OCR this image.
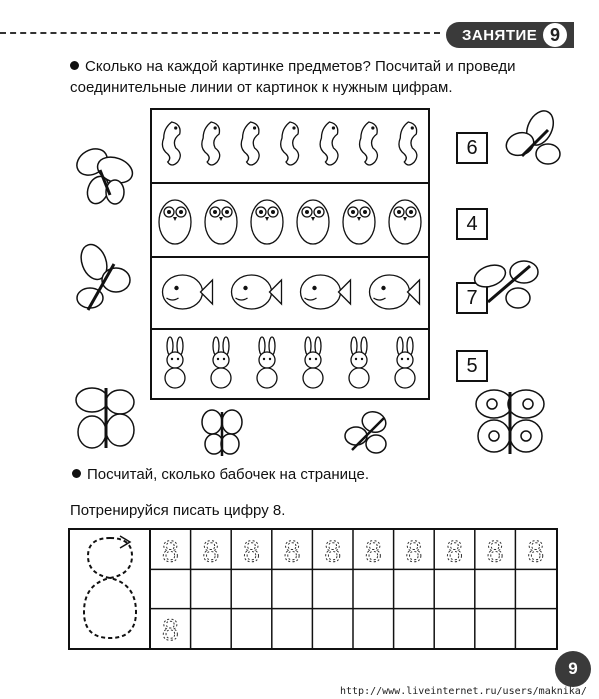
ЗАНЯТИЕ 9
Сколько на каждой картинке предметов? Посчитай и проведи соединительные линии от картинок к нужным цифрам.
6
4
7
5
Посчитай, сколько бабочек на странице.
Потренируйся писать цифру 8.
8 8 8 8 8 8 8 8 8 8
8
9
http://www.liveinternet.ru/users/maknika/
